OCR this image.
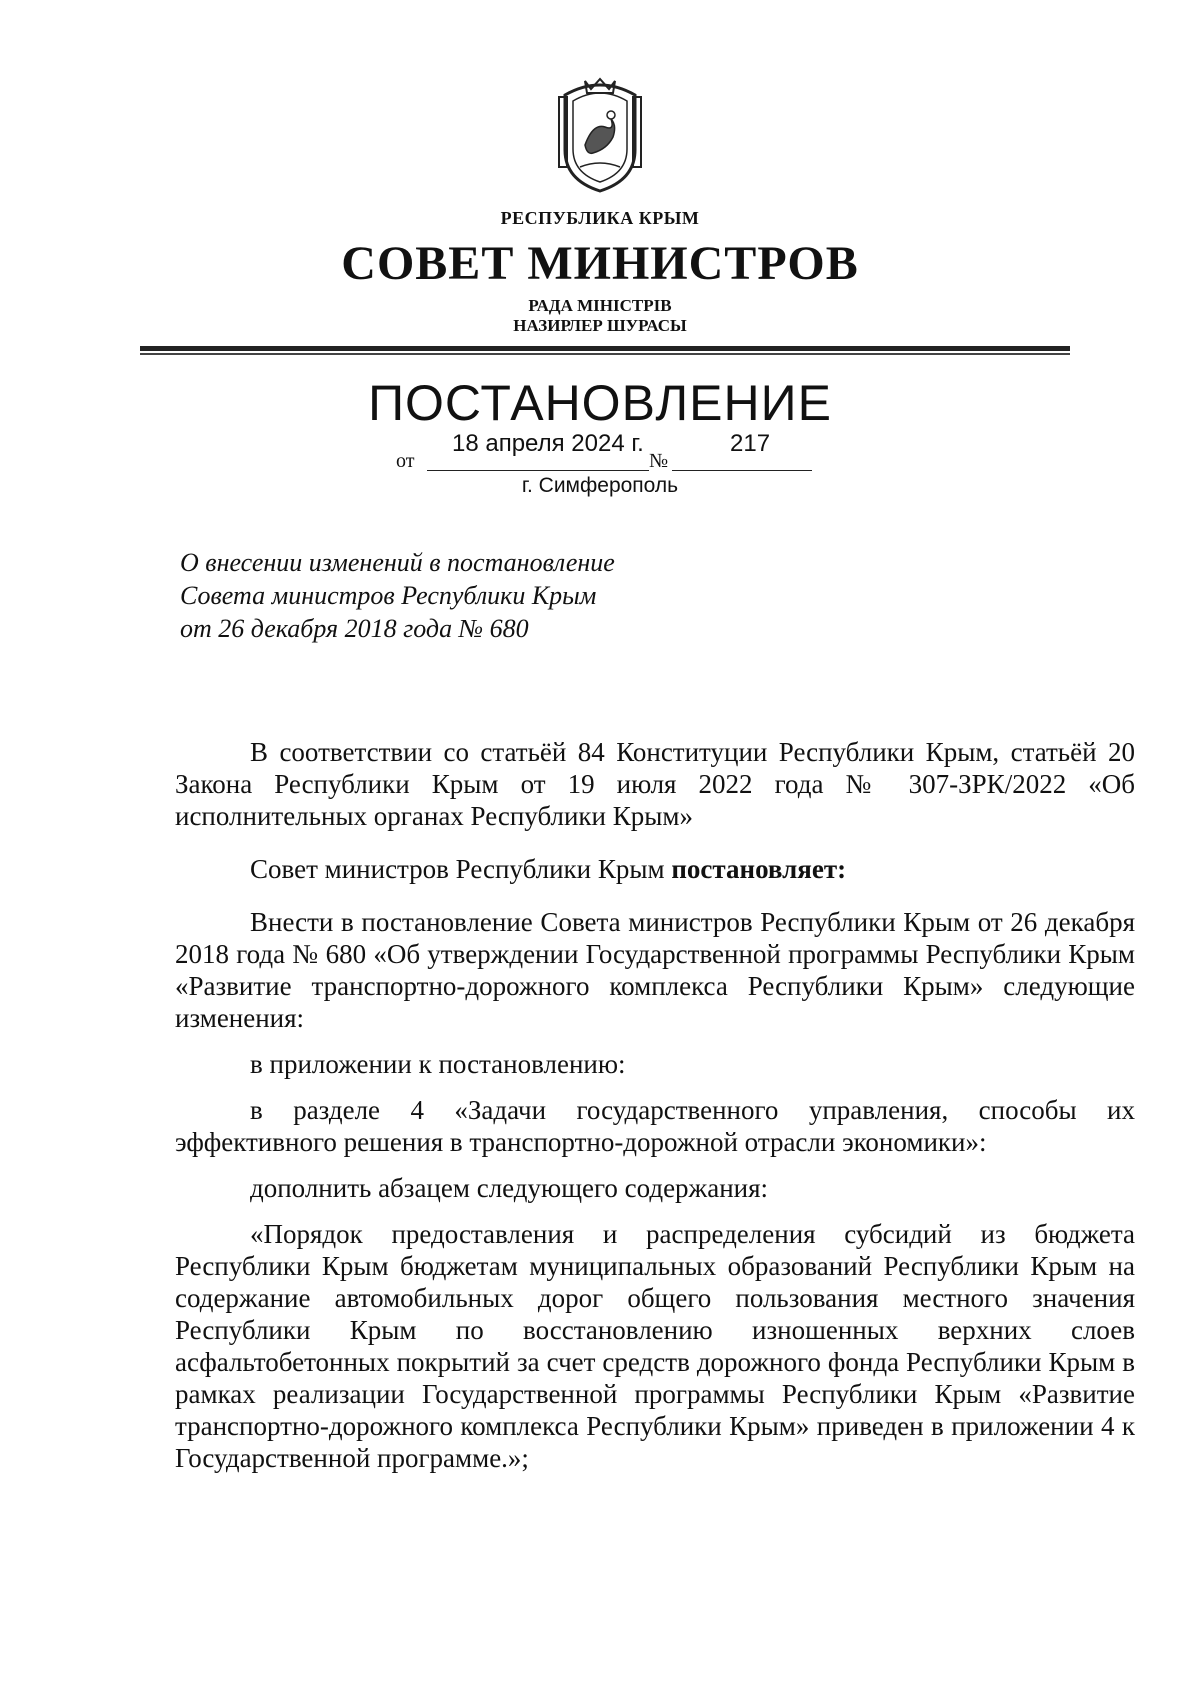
РЕСПУБЛИКА КРЫМ
СОВЕТ МИНИСТРОВ
РАДА МІНІСТРІВ
НАЗИРЛЕР ШУРАСЫ
ПОСТАНОВЛЕНИЕ
18 апреля 2024 г.	217
от	№
г. Симферополь
О внесении изменений в постановление
Совета министров Республики Крым
от 26 декабря 2018 года № 680

В соответствии со статьёй 84 Конституции Республики Крым, статьёй 20 Закона Республики Крым от 19 июля 2022 года № 307-ЗРК/2022 «Об исполнительных органах Республики Крым»

Совет министров Республики Крым постановляет:

Внести в постановление Совета министров Республики Крым от 26 декабря 2018 года № 680 «Об утверждении Государственной программы Республики Крым «Развитие транспортно-дорожного комплекса Республики Крым» следующие изменения:

в приложении к постановлению:

в разделе 4 «Задачи государственного управления, способы их эффективного решения в транспортно-дорожной отрасли экономики»:

дополнить абзацем следующего содержания:

«Порядок предоставления и распределения субсидий из бюджета Республики Крым бюджетам муниципальных образований Республики Крым на содержание автомобильных дорог общего пользования местного значения Республики Крым по восстановлению изношенных верхних слоев асфальтобетонных покрытий за счет средств дорожного фонда Республики Крым в рамках реализации Государственной программы Республики Крым «Развитие транспортно-дорожного комплекса Республики Крым» приведен в приложении 4 к Государственной программе.»;
